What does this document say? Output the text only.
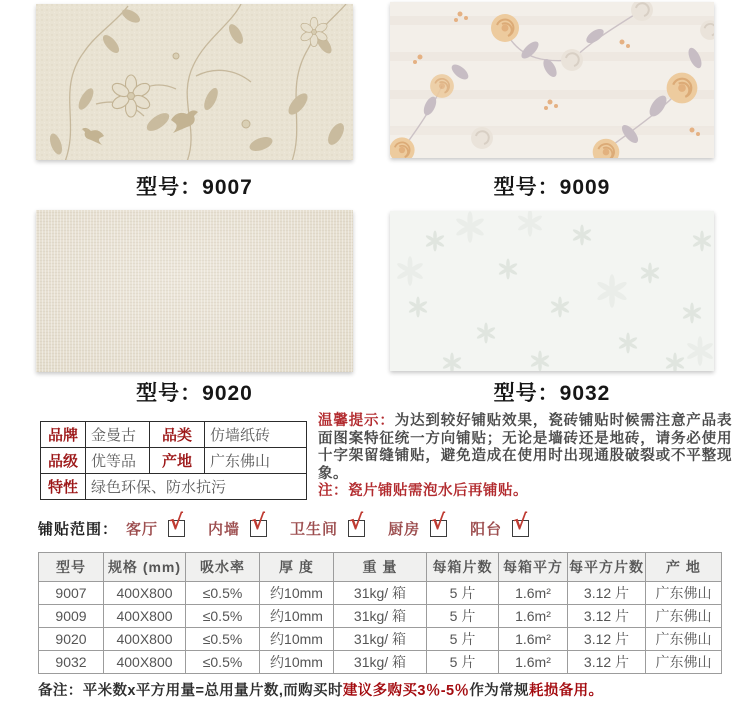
型号：9007	型号：9009
型号：9020	型号：9032
品牌	金曼古	品类	仿墙纸砖
品级	优等品	产地	广东佛山
特性	绿色环保、防水抗污		
温馨提示：为达到较好铺贴效果，瓷砖铺贴时候需注意产品表面图案特征统一方向铺贴；无论是墙砖还是地砖，请务必使用十字架留缝铺贴，避免造成在使用时出现通股破裂或不平整现象。
注：瓷片铺贴需泡水后再铺贴。
铺贴范围： 客厅 √ 内墙 √ 卫生间 √ 厨房 √ 阳台 √
型号	规格 (mm)	吸水率	厚 度	重 量	每箱片数	每箱平方	每平方片数	产 地
9007	400X800	≤0.5%	约10mm	31kg/ 箱	5 片	1.6m²	3.12 片	广东佛山
9009	400X800	≤0.5%	约10mm	31kg/ 箱	5 片	1.6m²	3.12 片	广东佛山
9020	400X800	≤0.5%	约10mm	31kg/ 箱	5 片	1.6m²	3.12 片	广东佛山
9032	400X800	≤0.5%	约10mm	31kg/ 箱	5 片	1.6m²	3.12 片	广东佛山
备注：平米数x平方用量=总用量片数,而购买时建议多购买3％-5％作为常规耗损备用。
